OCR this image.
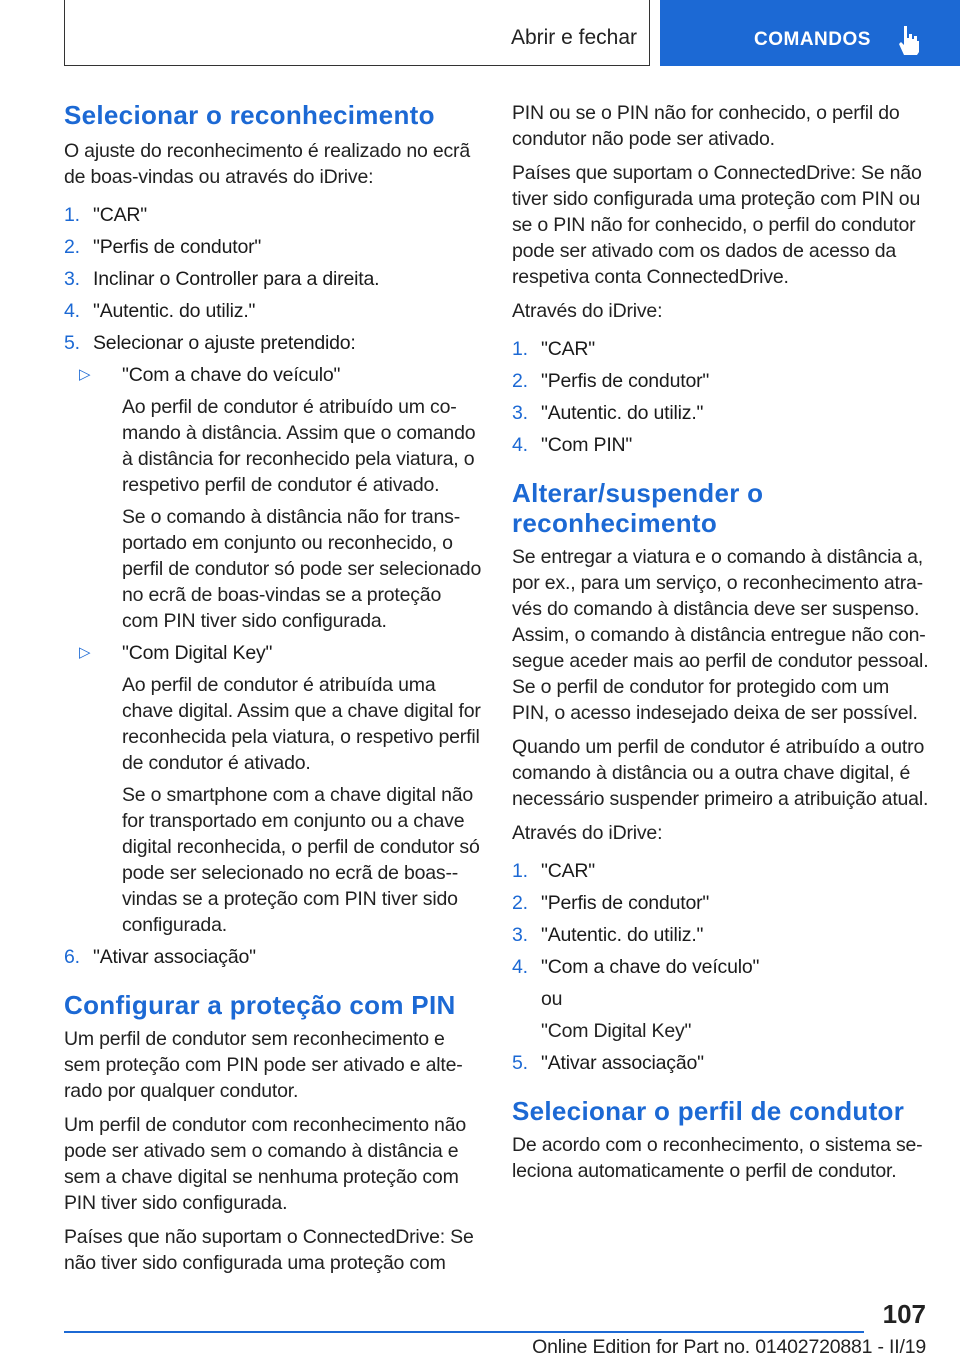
Abrir e fechar	COMANDOS
Selecionar o reconhecimento

O ajuste do reconhecimento é realizado no ecrã de boas-vindas ou através do iDrive:

1. "CAR"
2. "Perfis de condutor"
3. Inclinar o Controller para a direita.
4. "Autentic. do utiliz."
5. Selecionar o ajuste pretendido:
▷ "Com a chave do veículo"

Ao perfil de condutor é atribuído um comando à distância. Assim que o comando à distância for reconhecido pela viatura, o respetivo perfil de condutor é ativado.

Se o comando à distância não for transportado em conjunto ou reconhecido, o perfil de condutor só pode ser selecionado no ecrã de boas-vindas se a proteção com PIN tiver sido configurada.

▷ "Com Digital Key"

Ao perfil de condutor é atribuída uma chave digital. Assim que a chave digital for reconhecida pela viatura, o respetivo perfil de condutor é ativado.

Se o smartphone com a chave digital não for transportado em conjunto ou a chave digital reconhecida, o perfil de condutor só pode ser selecionado no ecrã de boas--vindas se a proteção com PIN tiver sido configurada.

6. "Ativar associação"
Configurar a proteção com PIN

Um perfil de condutor sem reconhecimento e sem proteção com PIN pode ser ativado e alterado por qualquer condutor.

Um perfil de condutor com reconhecimento não pode ser ativado sem o comando à distância e sem a chave digital se nenhuma proteção com PIN tiver sido configurada.

Países que não suportam o ConnectedDrive: Se não tiver sido configurada uma proteção com

PIN ou se o PIN não for conhecido, o perfil do condutor não pode ser ativado.

Países que suportam o ConnectedDrive: Se não tiver sido configurada uma proteção com PIN ou se o PIN não for conhecido, o perfil do condutor pode ser ativado com os dados de acesso da respetiva conta ConnectedDrive.

Através do iDrive:

1. "CAR"
2. "Perfis de condutor"
3. "Autentic. do utiliz."
4. "Com PIN"
Alterar/suspender o reconhecimento

Se entregar a viatura e o comando à distância a, por ex., para um serviço, o reconhecimento através do comando à distância deve ser suspenso. Assim, o comando à distância entregue não consegue aceder mais ao perfil de condutor pessoal. Se o perfil de condutor for protegido com um PIN, o acesso indesejado deixa de ser possível.

Quando um perfil de condutor é atribuído a outro comando à distância ou a outra chave digital, é necessário suspender primeiro a atribuição atual.

Através do iDrive:

1. "CAR"
2. "Perfis de condutor"
3. "Autentic. do utiliz."
4. "Com a chave do veículo"

ou

"Com Digital Key"

5. "Ativar associação"
Selecionar o perfil de condutor

De acordo com o reconhecimento, o sistema seleciona automaticamente o perfil de condutor.

107
Online Edition for Part no. 01402720881 - II/19
